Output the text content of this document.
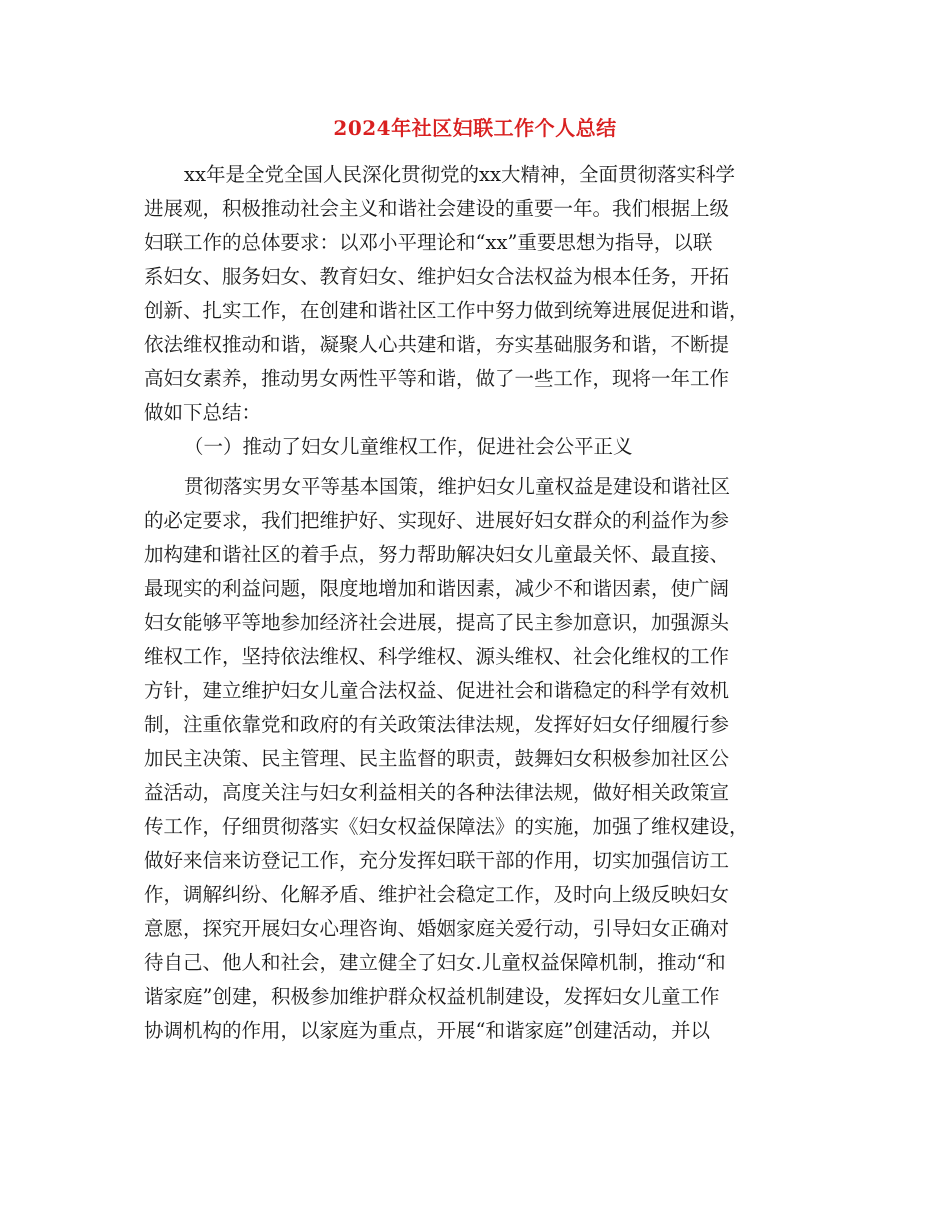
2024年社区妇联工作个人总结
xx年是全党全国人民深化贯彻党的xx大精神，全面贯彻落实科学
进展观，积极推动社会主义和谐社会建设的重要一年。我们根据上级
妇联工作的总体要求：以邓小平理论和“xx”重要思想为指导，以联
系妇女、服务妇女、教育妇女、维护妇女合法权益为根本任务，开拓
创新、扎实工作，在创建和谐社区工作中努力做到统筹进展促进和谐，
依法维权推动和谐，凝聚人心共建和谐，夯实基础服务和谐，不断提
高妇女素养，推动男女两性平等和谐，做了一些工作，现将一年工作
做如下总结：
（一）推动了妇女儿童维权工作，促进社会公平正义
贯彻落实男女平等基本国策，维护妇女儿童权益是建设和谐社区
的必定要求，我们把维护好、实现好、进展好妇女群众的利益作为参
加构建和谐社区的着手点，努力帮助解决妇女儿童最关怀、最直接、
最现实的利益问题，限度地增加和谐因素，减少不和谐因素，使广阔
妇女能够平等地参加经济社会进展，提高了民主参加意识，加强源头
维权工作，坚持依法维权、科学维权、源头维权、社会化维权的工作
方针，建立维护妇女儿童合法权益、促进社会和谐稳定的科学有效机
制，注重依靠党和政府的有关政策法律法规，发挥好妇女仔细履行参
加民主决策、民主管理、民主监督的职责，鼓舞妇女积极参加社区公
益活动，高度关注与妇女利益相关的各种法律法规，做好相关政策宣
传工作，仔细贯彻落实《妇女权益保障法》的实施，加强了维权建设，
做好来信来访登记工作，充分发挥妇联干部的作用，切实加强信访工
作，调解纠纷、化解矛盾、维护社会稳定工作，及时向上级反映妇女
意愿，探究开展妇女心理咨询、婚姻家庭关爱行动，引导妇女正确对
待自己、他人和社会，建立健全了妇女.儿童权益保障机制，推动“和
谐家庭”创建，积极参加维护群众权益机制建设，发挥妇女儿童工作
协调机构的作用，以家庭为重点，开展“和谐家庭”创建活动，并以
